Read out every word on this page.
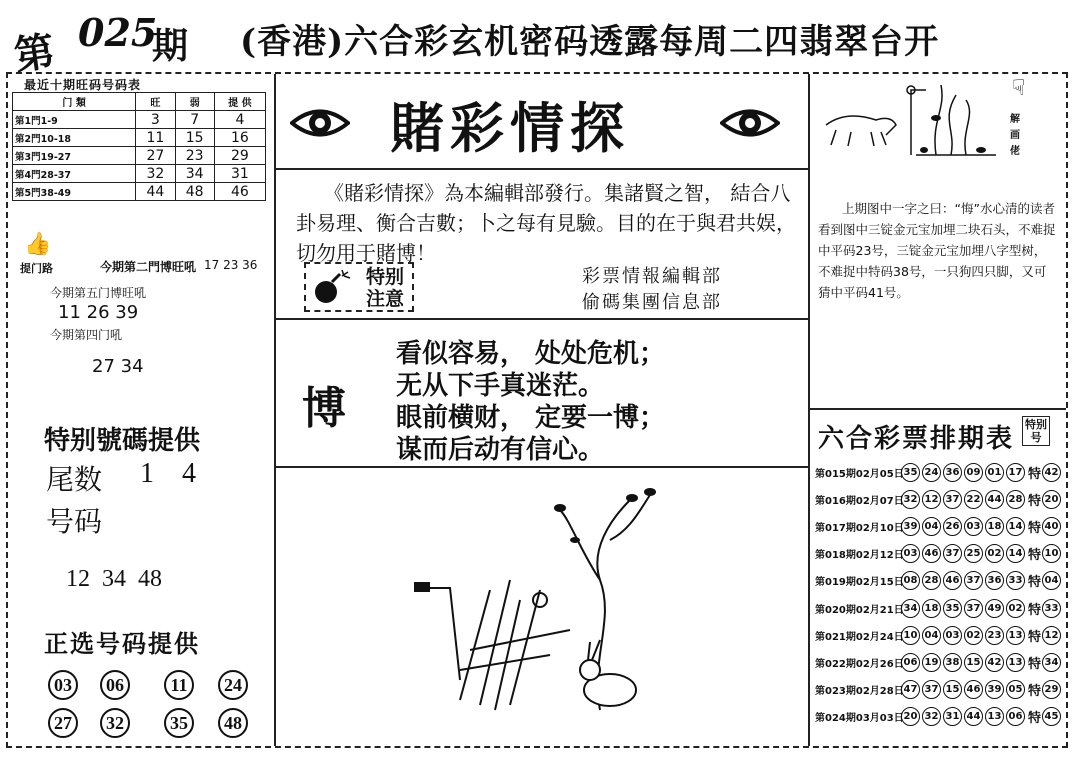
第 025
期 (香港)六合彩玄机密码透露每周二四翡翠台开
最近十期旺码号码表
门 類	旺	弱	提 供
第1門1-9	3	7	4
第2門10-18	11	15	16
第3門19-27	27	23	29
第4門28-37	32	34	31
第5門38-49	44	48	46
👍
提门路	今期第二門博旺吼 17 23 36
今期第五门博旺吼
11 26 39
今期第四门吼
27 34
特别號碼提供
尾数 1    4
号码
12  34  48
正选号码提供
03	06	11	24
27	32	35	48
賭彩情探
《賭彩情探》為本編輯部發行。集諸賢之智， 結合八卦易理、衡合吉數；卜之每有見驗。目的在于與君共娱，切勿用于賭博！
特别
注意
彩票情報編輯部
偷碼集團信息部
博
看似容易， 处处危机；
无从下手真迷茫。
眼前横财， 定要一博；
谋而后动有信心。
☟
解
画
佬
上期图中一字之曰：“悔”水心清的读者看到图中三锭金元宝加埋二块石头，不难捉中平码23号，三锭金元宝加埋八字型树，不难捉中特码38号，一只狗四只脚，又可猜中平码41号。
六合彩票排期表 特别号
第015期02月05日 35 24 36 09 01 17 特 42
第016期02月07日 32 12 37 22 44 28 特 20
第017期02月10日 39 04 26 03 18 14 特 40
第018期02月12日 03 46 37 25 02 14 特 10
第019期02月15日 08 28 46 37 36 33 特 04
第020期02月21日 34 18 35 37 49 02 特 33
第021期02月24日 10 04 03 02 23 13 特 12
第022期02月26日 06 19 38 15 42 13 特 34
第023期02月28日 47 37 15 46 39 05 特 29
第024期03月03日 20 32 31 44 13 06 特 45
